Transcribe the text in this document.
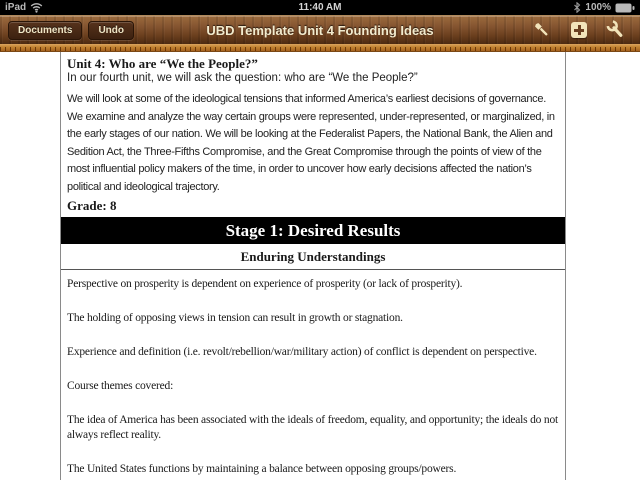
iPad	11:40 AM	100%
Documents	Undo	UBD Template Unit 4 Founding Ideas
Unit 4: Who are “We the People?”
In our fourth unit, we will ask the question: who are “We the People?”
We will look at some of the ideological tensions that informed America’s earliest decisions of governance. We examine and analyze the way certain groups were represented, under-represented, or marginalized, in the early stages of our nation. We will be looking at the Federalist Papers, the National Bank, the Alien and Sedition Act, the Three-Fifths Compromise, and the Great Compromise through the points of view of the most influential policy makers of the time, in order to uncover how early decisions affected the nation’s political and ideological trajectory.
Grade: 8
Stage 1: Desired Results
Enduring Understandings

Perspective on prosperity is dependent on experience of prosperity (or lack of prosperity).

The holding of opposing views in tension can result in growth or stagnation.

Experience and definition (i.e. revolt/rebellion/war/military action) of conflict is dependent on perspective.

Course themes covered:

The idea of America has been associated with the ideals of freedom, equality, and opportunity; the ideals do not always reflect reality.

The United States functions by maintaining a balance between opposing groups/powers.
